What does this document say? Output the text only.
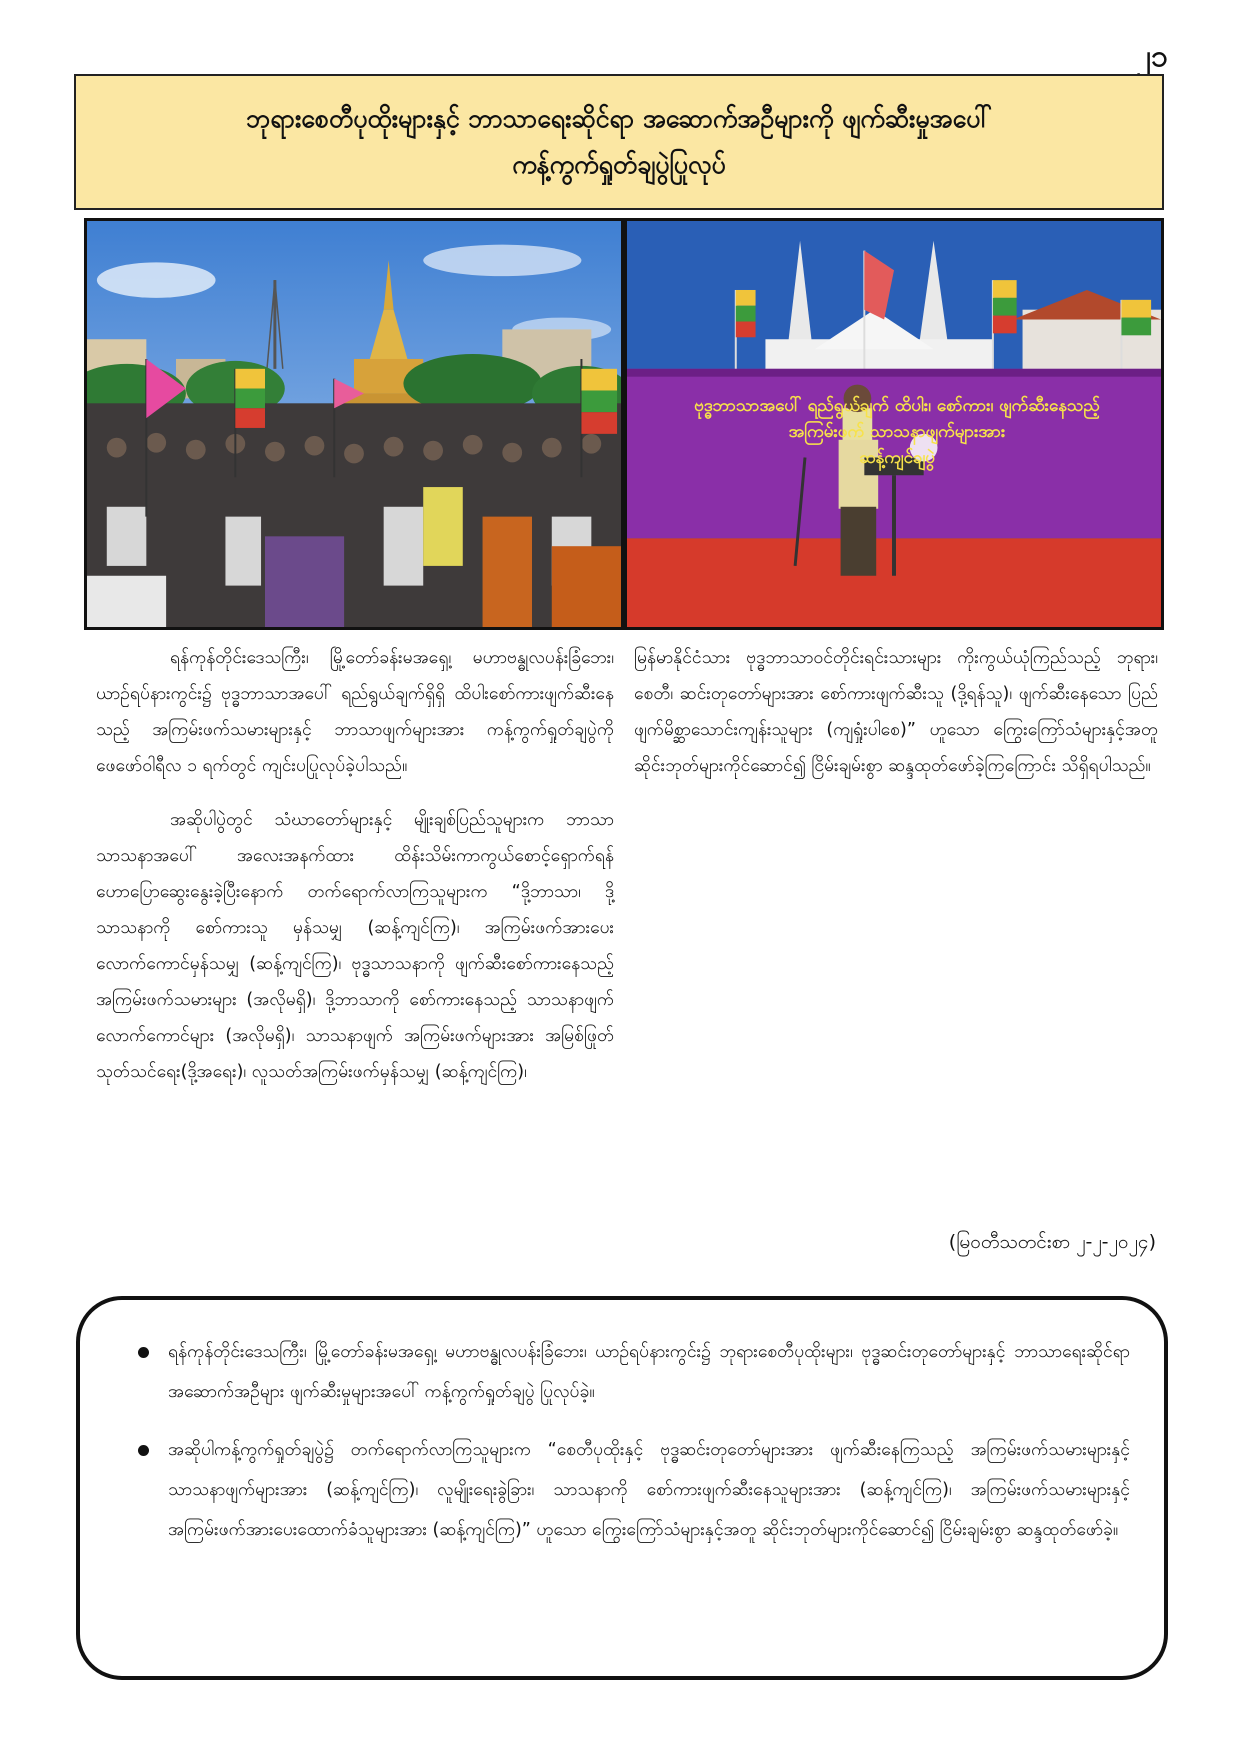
၂၁
ဘုရားစေတီပုထိုးများနှင့် ဘာသာရေးဆိုင်ရာ အဆောက်အဦများကို ဖျက်ဆီးမှုအပေါ်
ကန့်ကွက်ရှုတ်ချပွဲပြုလုပ်
ဗုဒ္ဓဘာသာအပေါ် ရည်ရွယ်ချက် ထိပါး၊ စော်ကား၊ ဖျက်ဆီးနေသည့်
အကြမ်းဖက် သာသနာဖျက်များအား
ဆန့်ကျင်ချပွဲ

ရန်ကုန်တိုင်းဒေသကြီး၊ မြို့တော်ခန်းမအရှေ့၊ မဟာဗန္ဓုလပန်းခြံဘေး၊ ယာဉ်ရပ်နားကွင်း၌ ဗုဒ္ဓဘာသာအပေါ် ရည်ရွယ်ချက်ရှိရှိ ထိပါးစော်ကားဖျက်ဆီးနေသည့် အကြမ်းဖက်သမားများနှင့် ဘာသာဖျက်များအား ကန့်ကွက်ရှုတ်ချပွဲကို ဖေဖော်ဝါရီလ ၁ ရက်တွင် ကျင်းပပြုလုပ်ခဲ့ပါသည်။

အဆိုပါပွဲတွင် သံဃာတော်များနှင့် မျိုးချစ်ပြည်သူများက ဘာသာသာသနာအပေါ် အလေးအနက်ထား ထိန်းသိမ်းကာကွယ်စောင့်ရှောက်ရန် ဟောပြောဆွေးနွေးခဲ့ပြီးနောက် တက်ရောက်လာကြသူများက “ဒို့ဘာသာ၊ ဒို့သာသနာကို စော်ကားသူ မှန်သမျှ (ဆန့်ကျင်ကြ)၊ အကြမ်းဖက်အားပေးလောက်ကောင်မှန်သမျှ (ဆန့်ကျင်ကြ)၊ ဗုဒ္ဓသာသနာကို ဖျက်ဆီးစော်ကားနေသည့် အကြမ်းဖက်သမားများ (အလိုမရှိ)၊ ဒို့ဘာသာကို စော်ကားနေသည့် သာသနာဖျက်လောက်ကောင်များ (အလိုမရှိ)၊ သာသနာဖျက် အကြမ်းဖက်များအား အမြစ်ဖြုတ်သုတ်သင်ရေး(ဒို့အရေး)၊ လူသတ်အကြမ်းဖက်မှန်သမျှ (ဆန့်ကျင်ကြ)၊

မြန်မာနိုင်ငံသား ဗုဒ္ဓဘာသာဝင်တိုင်းရင်းသားများ ကိုးကွယ်ယုံကြည်သည့် ဘုရား၊ စေတီ၊ ဆင်းတုတော်များအား စော်ကားဖျက်ဆီးသူ (ဒို့ရန်သူ)၊ ဖျက်ဆီးနေသော ပြည်ဖျက်မိစ္ဆာသောင်းကျန်းသူများ (ကျရှုံးပါစေ)” ဟူသော ကြွေးကြော်သံများနှင့်အတူ ဆိုင်းဘုတ်များကိုင်ဆောင်၍ ငြိမ်းချမ်းစွာ ဆန္ဒထုတ်ဖော်ခဲ့ကြကြောင်း သိရှိရပါသည်။

(မြဝတီသတင်းစာ ၂-၂-၂၀၂၄)
ရန်ကုန်တိုင်းဒေသကြီး၊ မြို့တော်ခန်းမအရှေ့၊ မဟာဗန္ဓုလပန်းခြံဘေး၊ ယာဉ်ရပ်နားကွင်း၌ ဘုရားစေတီပုထိုးများ၊ ဗုဒ္ဓဆင်းတုတော်များနှင့် ဘာသာရေးဆိုင်ရာ အဆောက်အဦများ ဖျက်ဆီးမှုများအပေါ် ကန့်ကွက်ရှုတ်ချပွဲ ပြုလုပ်ခဲ့။
အဆိုပါကန့်ကွက်ရှုတ်ချပွဲ၌ တက်ရောက်လာကြသူများက “စေတီပုထိုးနှင့် ဗုဒ္ဓဆင်းတုတော်များအား ဖျက်ဆီးနေကြသည့် အကြမ်းဖက်သမားများနှင့် သာသနာဖျက်များအား (ဆန့်ကျင်ကြ)၊ လူမျိုးရေးခွဲခြား၊ သာသနာကို စော်ကားဖျက်ဆီးနေသူများအား (ဆန့်ကျင်ကြ)၊ အကြမ်းဖက်သမားများနှင့် အကြမ်းဖက်အားပေးထောက်ခံသူများအား (ဆန့်ကျင်ကြ)” ဟူသော ကြွေးကြော်သံများနှင့်အတူ ဆိုင်းဘုတ်များကိုင်ဆောင်၍ ငြိမ်းချမ်းစွာ ဆန္ဒထုတ်ဖော်ခဲ့။
